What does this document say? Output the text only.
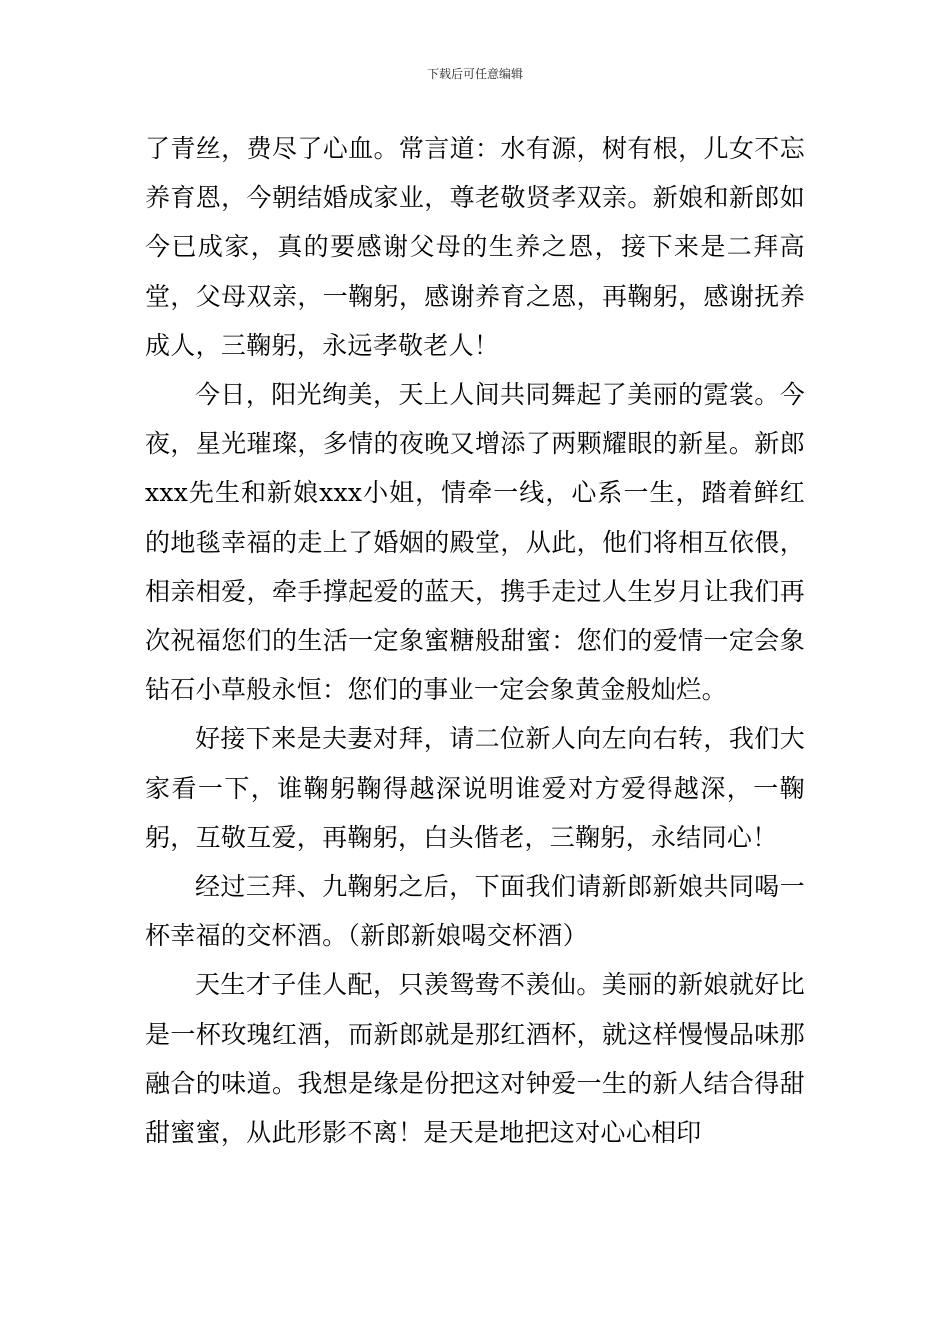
下载后可任意编辑

了青丝，费尽了心血。常言道：水有源，树有根，儿女不忘养育恩，今朝结婚成家业，尊老敬贤孝双亲。新娘和新郎如今已成家，真的要感谢父母的生养之恩，接下来是二拜高堂，父母双亲，一鞠躬，感谢养育之恩，再鞠躬，感谢抚养成人，三鞠躬，永远孝敬老人！

今日，阳光绚美，天上人间共同舞起了美丽的霓裳。今夜，星光璀璨，多情的夜晚又增添了两颗耀眼的新星。新郎xxx先生和新娘xxx小姐，情牵一线，心系一生，踏着鲜红的地毯幸福的走上了婚姻的殿堂，从此，他们将相互依偎，相亲相爱，牵手撑起爱的蓝天，携手走过人生岁月让我们再次祝福您们的生活一定象蜜糖般甜蜜：您们的爱情一定会象钻石小草般永恒：您们的事业一定会象黄金般灿烂。

好接下来是夫妻对拜，请二位新人向左向右转，我们大家看一下，谁鞠躬鞠得越深说明谁爱对方爱得越深，一鞠躬，互敬互爱，再鞠躬，白头偕老，三鞠躬，永结同心！

经过三拜、九鞠躬之后，下面我们请新郎新娘共同喝一杯幸福的交杯酒。（新郎新娘喝交杯酒）

天生才子佳人配，只羡鸳鸯不羡仙。美丽的新娘就好比是一杯玫瑰红酒，而新郎就是那红酒杯，就这样慢慢品味那融合的味道。我想是缘是份把这对钟爱一生的新人结合得甜甜蜜蜜，从此形影不离！是天是地把这对心心相印
